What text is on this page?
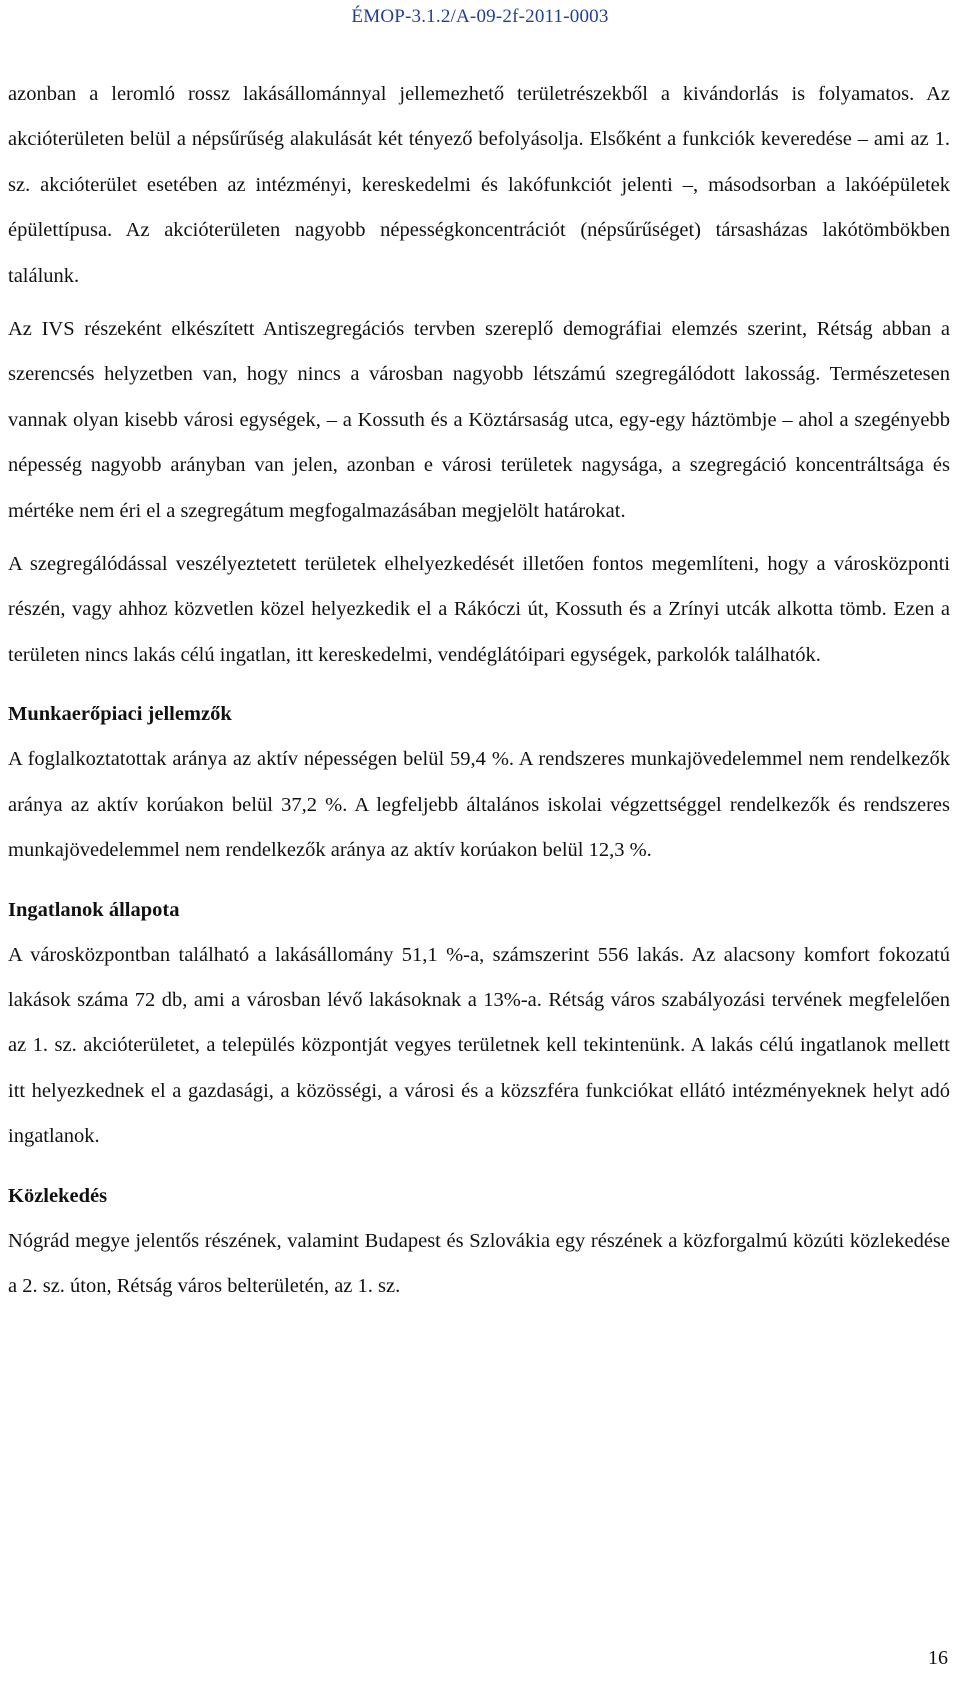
ÉMOP-3.1.2/A-09-2f-2011-0003

azonban a leromló rossz lakásállománnyal jellemezhető területrészekből a kivándorlás is folyamatos. Az akcióterületen belül a népsűrűség alakulását két tényező befolyásolja. Elsőként a funkciók keveredése – ami az 1. sz. akcióterület esetében az intézményi, kereskedelmi és lakófunkciót jelenti –, másodsorban a lakóépületek épülettípusa. Az akcióterületen nagyobb népességkoncentrációt (népsűrűséget) társasházas lakótömbökben találunk.

Az IVS részeként elkészített Antiszegregációs tervben szereplő demográfiai elemzés szerint, Rétság abban a szerencsés helyzetben van, hogy nincs a városban nagyobb létszámú szegregálódott lakosság. Természetesen vannak olyan kisebb városi egységek, – a Kossuth és a Köztársaság utca, egy-egy háztömbje – ahol a szegényebb népesség nagyobb arányban van jelen, azonban e városi területek nagysága, a szegregáció koncentráltsága és mértéke nem éri el a szegregátum megfogalmazásában megjelölt határokat.

A szegregálódással veszélyeztetett területek elhelyezkedését illetően fontos megemlíteni, hogy a városközponti részén, vagy ahhoz közvetlen közel helyezkedik el a Rákóczi út, Kossuth és a Zrínyi utcák alkotta tömb. Ezen a területen nincs lakás célú ingatlan, itt kereskedelmi, vendéglátóipari egységek, parkolók találhatók.

Munkaerőpiaci jellemzők

A foglalkoztatottak aránya az aktív népességen belül 59,4 %. A rendszeres munkajövedelemmel nem rendelkezők aránya az aktív korúakon belül 37,2 %. A legfeljebb általános iskolai végzettséggel rendelkezők és rendszeres munkajövedelemmel nem rendelkezők aránya az aktív korúakon belül 12,3 %.

Ingatlanok állapota

A városközpontban található a lakásállomány 51,1 %-a, számszerint 556 lakás. Az alacsony komfort fokozatú lakások száma 72 db, ami a városban lévő lakásoknak a 13%-a. Rétság város szabályozási tervének megfelelően az 1. sz. akcióterületet, a település központját vegyes területnek kell tekintenünk. A lakás célú ingatlanok mellett itt helyezkednek el a gazdasági, a közösségi, a városi és a közszféra funkciókat ellátó intézményeknek helyt adó ingatlanok.

Közlekedés

Nógrád megye jelentős részének, valamint Budapest és Szlovákia egy részének a közforgalmú közúti közlekedése a 2. sz. úton, Rétság város belterületén, az 1. sz.

16
